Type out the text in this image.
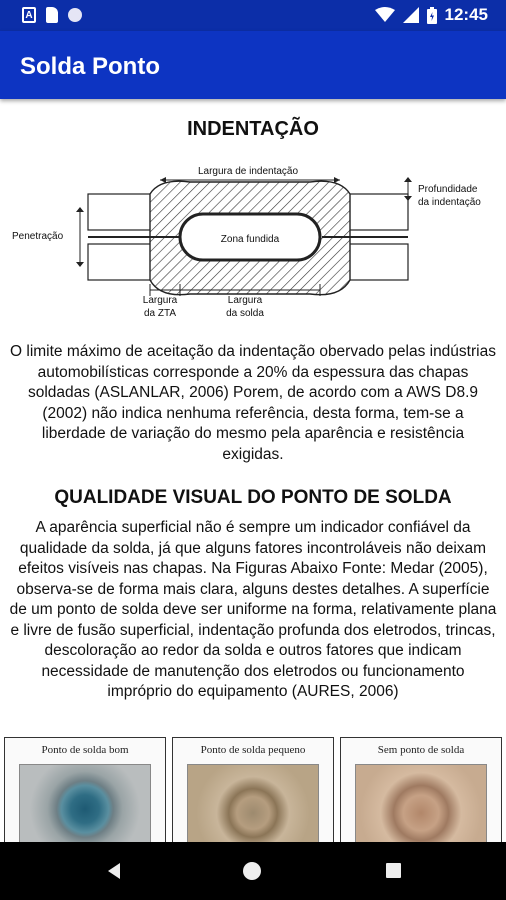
A	12:45
Solda Ponto
INDENTAÇÃO
Zona fundida
Largura de indentação
Profundidade
da indentação
Penetração
Largura
da ZTA
Largura
da solda
O limite máximo de aceitação da indentação obervado pelas indústrias automobilísticas corresponde a 20% da espessura das chapas soldadas (ASLANLAR, 2006) Porem, de acordo com a AWS D8.9 (2002) não indica nenhuma referência, desta forma, tem-se a liberdade de variação do mesmo pela aparência e resistência exigidas.
QUALIDADE VISUAL DO PONTO DE SOLDA
A aparência superficial não é sempre um indicador confiável da qualidade da solda, já que alguns fatores incontroláveis não deixam efeitos visíveis nas chapas. Na Figuras Abaixo Fonte: Medar (2005), observa-se de forma mais clara, alguns destes detalhes. A superfície de um ponto de solda deve ser uniforme na forma, relativamente plana e livre de fusão superficial, indentação profunda dos eletrodos, trincas, descoloração ao redor da solda e outros fatores que indicam necessidade de manutenção dos eletrodos ou funcionamento impróprio do equipamento (AURES, 2006)
Ponto de solda bom	Ponto de solda pequeno	Sem ponto de solda
